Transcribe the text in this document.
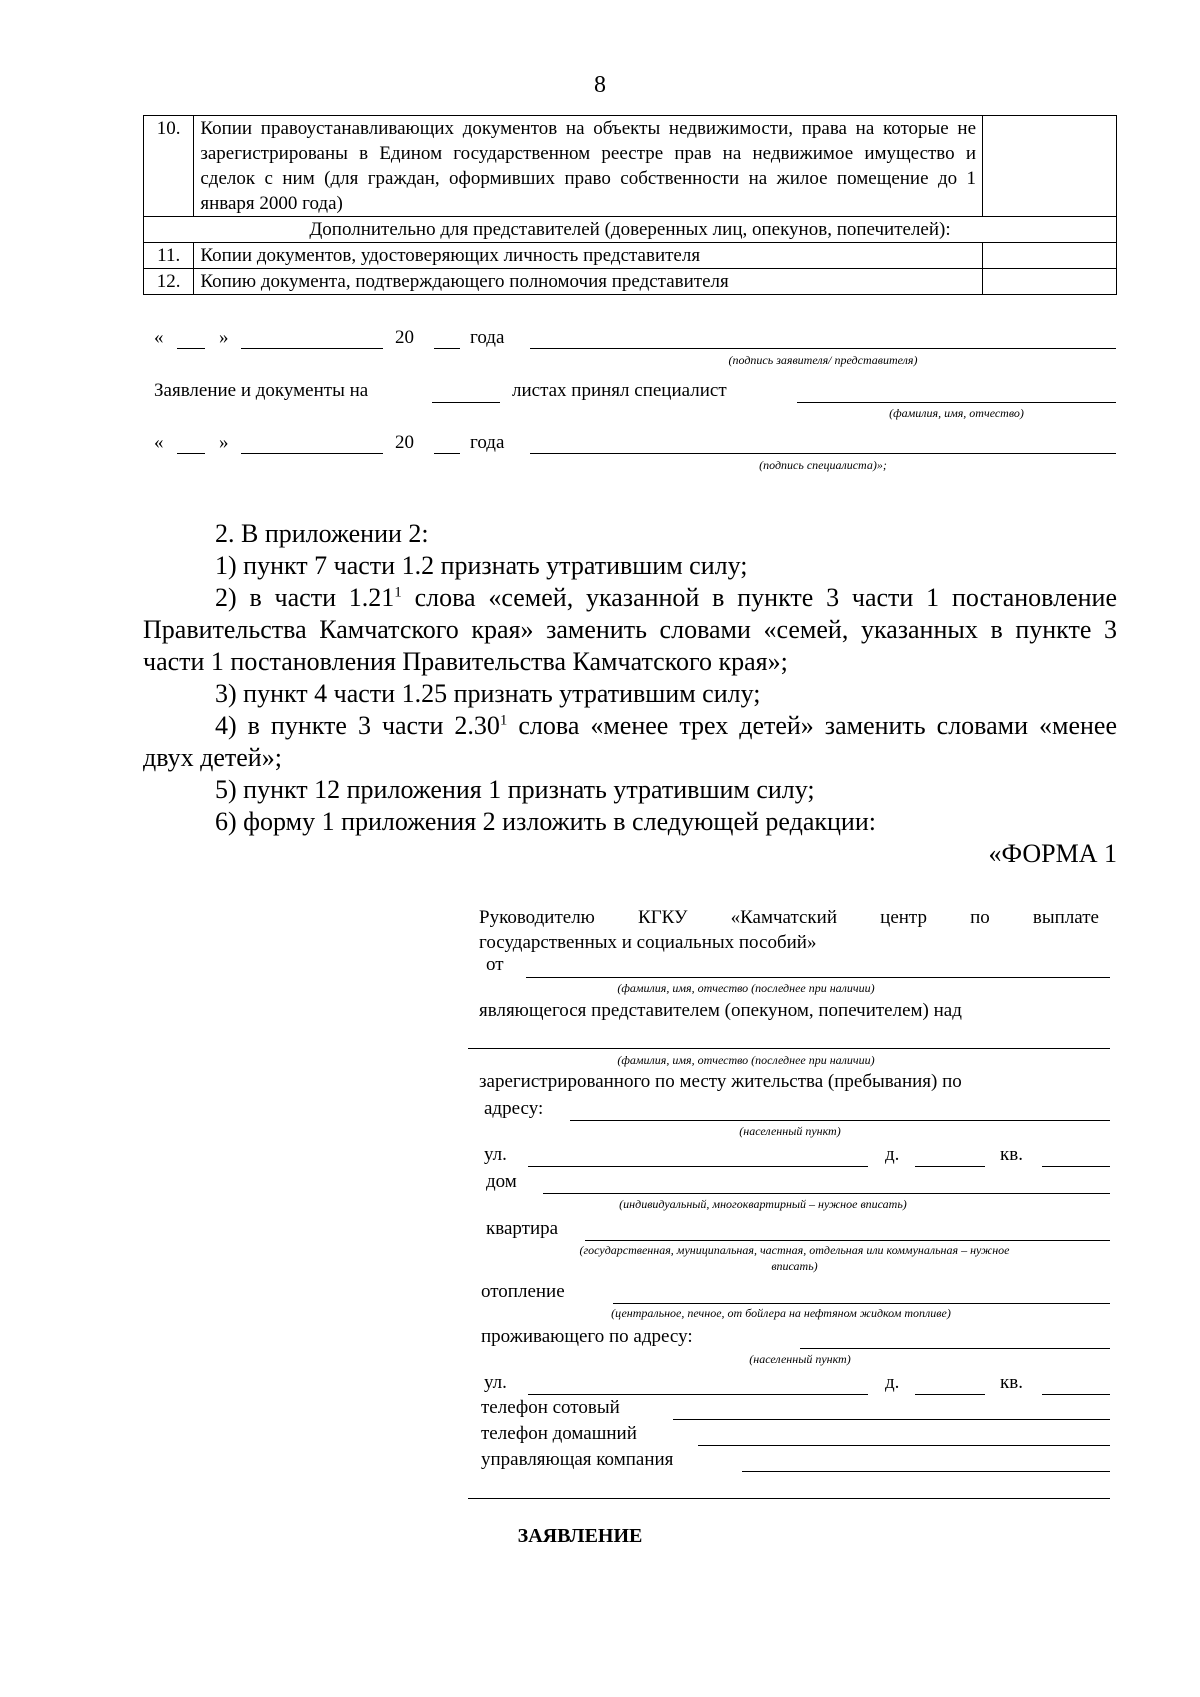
8
10.	Копии правоустанавливающих документов на объекты недвижимости, права на которые не зарегистрированы в Едином государственном реестре прав на недвижимое имущество и сделок с ним (для граждан, оформивших право собственности на жилое помещение до 1 января 2000 года)	
Дополнительно для представителей (доверенных лиц, опекунов, попечителей):		
11.	Копии документов, удостоверяющих личность представителя	
12.	Копию документа, подтверждающего полномочия представителя	
«	»	20	года
(подпись заявителя/ представителя)
Заявление и документы на	листах принял специалист
(фамилия, имя, отчество)
«	»	20	года
(подпись специалиста)»;

2. В приложении 2:

1) пункт 7 части 1.2 признать утратившим силу;

2) в части 1.21$^1$ слова «семей, указанной в пункте 3 части 1 постановление Правительства Камчатского края» заменить словами «семей, указанных в пункте 3 части 1 постановления Правительства Камчатского края»;

3) пункт 4 части 1.25 признать утратившим силу;

4) в пункте 3 части 2.30$^1$ слова «менее трех детей» заменить словами «менее двух детей»;

5) пункт 12 приложения 1 признать утратившим силу;

6) форму 1 приложения 2 изложить в следующей редакции:

«ФОРМА 1

Руководителю КГКУ «Камчатский центр по выплате
государственных и социальных пособий»
от
(фамилия, имя, отчество (последнее при наличии)
являющегося представителем (опекуном, попечителем) над
(фамилия, имя, отчество (последнее при наличии)
зарегистрированного по месту жительства (пребывания) по
адресу:
(населенный пункт)
ул.	д.	кв.
дом
(индивидуальный, многоквартирный – нужное вписать)
квартира
(государственная, муниципальная, частная, отдельная или коммунальная – нужное
вписать)
отопление
(центральное, печное, от бойлера на нефтяном жидком топливе)
проживающего по адресу:
(населенный пункт)
ул.	д.	кв.
телефон сотовый
телефон домашний
управляющая компания
ЗАЯВЛЕНИЕ
